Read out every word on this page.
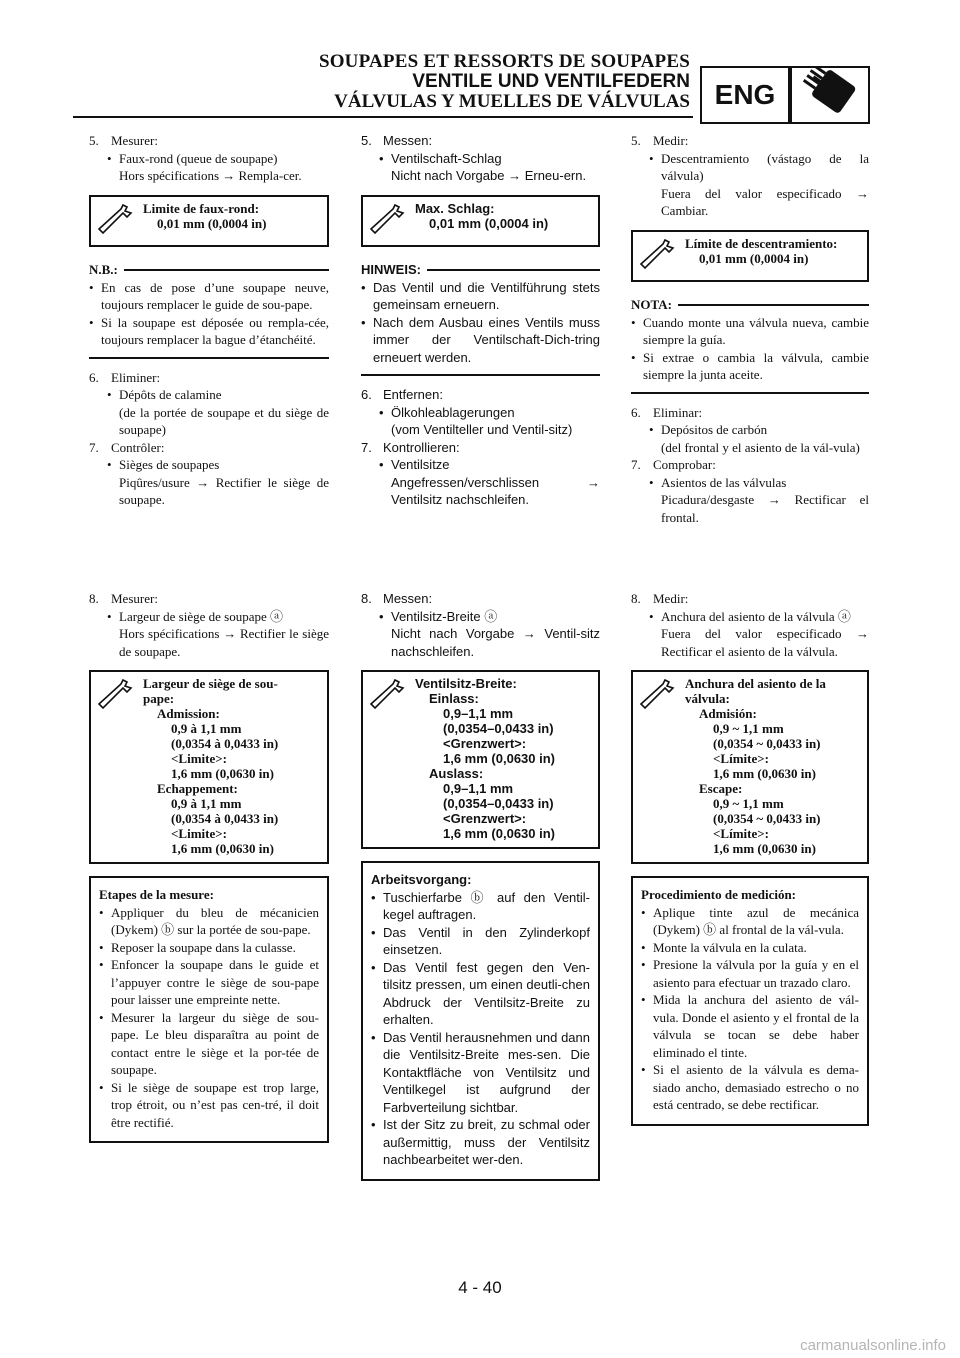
SOUPAPES ET RESSORTS DE SOUPAPES
VENTILE UND VENTILFEDERN
VÁLVULAS Y MUELLES DE VÁLVULAS ENG
5. Mesurer:
• Faux-rond (queue de soupape)
Hors spécifications → Rempla-cer.
Limite de faux-rond:
0,01 mm (0,0004 in)
N.B.:
• En cas de pose d’une soupape neuve, toujours remplacer le guide de sou-pape.
• Si la soupape est déposée ou rempla-cée, toujours remplacer la bague d’étanchéité.
6. Eliminer:
• Dépôts de calamine
(de la portée de soupape et du siège de soupape)
7. Contrôler:
• Sièges de soupapes
Piqûres/usure → Rectifier le siège de soupape.
5. Messen:
• Ventilschaft-Schlag
Nicht nach Vorgabe → Erneu-ern.
Max. Schlag:
0,01 mm (0,0004 in)
HINWEIS:
• Das Ventil und die Ventilführung stets gemeinsam erneuern.
• Nach dem Ausbau eines Ventils muss immer der Ventilschaft-Dich-tring erneuert werden.
6. Entfernen:
• Ölkohleablagerungen
(vom Ventilteller und Ventil-sitz)
7. Kontrollieren:
• Ventilsitze
Angefressen/verschlissen → Ventilsitz nachschleifen.
5. Medir:
• Descentramiento (vástago de la válvula)
Fuera del valor especificado → Cambiar.
Límite de descentramiento:
0,01 mm (0,0004 in)
NOTA:
• Cuando monte una válvula nueva, cambie siempre la guía.
• Si extrae o cambia la válvula, cambie siempre la junta aceite.
6. Eliminar:
• Depósitos de carbón
(del frontal y el asiento de la vál-vula)
7. Comprobar:
• Asientos de las válvulas
Picadura/desgaste → Rectificar el frontal.
8. Mesurer:
• Largeur de siège de soupape ⓐ
Hors spécifications → Rectifier le siège de soupape.
Largeur de siège de sou-
pape:
Admission:
0,9 à 1,1 mm
(0,0354 à 0,0433 in)
<Limite>:
1,6 mm (0,0630 in)
Echappement:
0,9 à 1,1 mm
(0,0354 à 0,0433 in)
<Limite>:
1,6 mm (0,0630 in)
Etapes de la mesure:
• Appliquer du bleu de mécanicien (Dykem) ⓑ sur la portée de sou-pape.
• Reposer la soupape dans la culasse.
• Enfoncer la soupape dans le guide et l’appuyer contre le siège de sou-pape pour laisser une empreinte nette.
• Mesurer la largeur du siège de sou-pape. Le bleu disparaîtra au point de contact entre le siège et la por-tée de soupape.
• Si le siège de soupape est trop large, trop étroit, ou n’est pas cen-tré, il doit être rectifié.
8. Messen:
• Ventilsitz-Breite ⓐ
Nicht nach Vorgabe → Ventil-sitz nachschleifen.
Ventilsitz-Breite:
Einlass:
0,9–1,1 mm
(0,0354–0,0433 in)
<Grenzwert>:
1,6 mm (0,0630 in)
Auslass:
0,9–1,1 mm
(0,0354–0,0433 in)
<Grenzwert>:
1,6 mm (0,0630 in)
Arbeitsvorgang:
• Tuschierfarbe ⓑ auf den Ventil-kegel auftragen.
• Das Ventil in den Zylinderkopf einsetzen.
• Das Ventil fest gegen den Ven-tilsitz pressen, um einen deutli-chen Abdruck der Ventilsitz-Breite zu erhalten.
• Das Ventil herausnehmen und dann die Ventilsitz-Breite mes-sen. Die Kontaktfläche von Ventilsitz und Ventilkegel ist aufgrund der Farbverteilung sichtbar.
• Ist der Sitz zu breit, zu schmal oder außermittig, muss der Ventilsitz nachbearbeitet wer-den.
8. Medir:
• Anchura del asiento de la válvula ⓐ
Fuera del valor especificado → Rectificar el asiento de la válvula.
Anchura del asiento de la
válvula:
Admisión:
0,9 ~ 1,1 mm
(0,0354 ~ 0,0433 in)
<Límite>:
1,6 mm (0,0630 in)
Escape:
0,9 ~ 1,1 mm
(0,0354 ~ 0,0433 in)
<Límite>:
1,6 mm (0,0630 in)
Procedimiento de medición:
• Aplique tinte azul de mecánica (Dykem) ⓑ al frontal de la vál-vula.
• Monte la válvula en la culata.
• Presione la válvula por la guía y en el asiento para efectuar un trazado claro.
• Mida la anchura del asiento de vál-vula. Donde el asiento y el frontal de la válvula se tocan se debe haber eliminado el tinte.
• Si el asiento de la válvula es dema-siado ancho, demasiado estrecho o no está centrado, se debe rectificar.
4 - 40
carmanualsonline.info
